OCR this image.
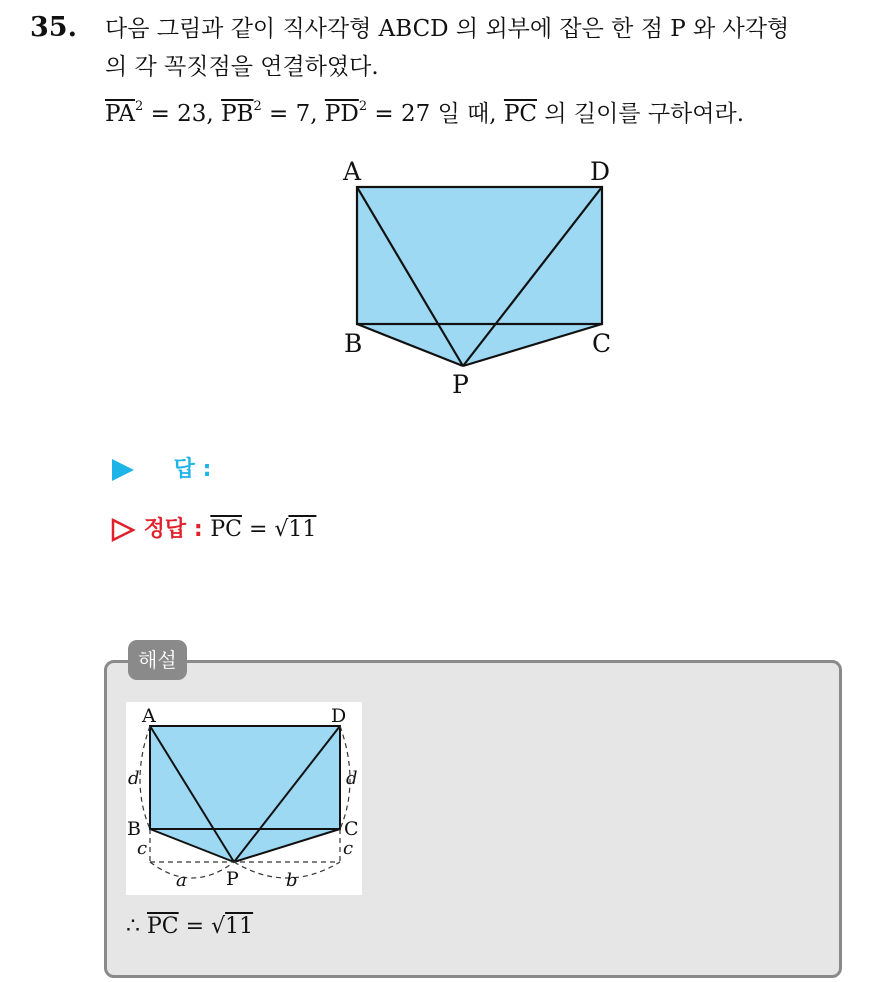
35. 다음 그림과 같이 직사각형 ABCD 의 외부에 잡은 한 점 P 와 사각형
의 각 꼭짓점을 연결하였다.
$\overline{PA}^2 = 23$, $\overline{PB}^2 = 7$, $\overline{PD}^2 = 27$ 일 때, $\overline{PC}$ 의 길이를 구하여라.
A	D
B	C
P
답 :
정답 : $\overline{PC} = √11$
해설
A	D
B	C
P
d	d
c	c
a	b
∴ $\overline{PC} = √11$
